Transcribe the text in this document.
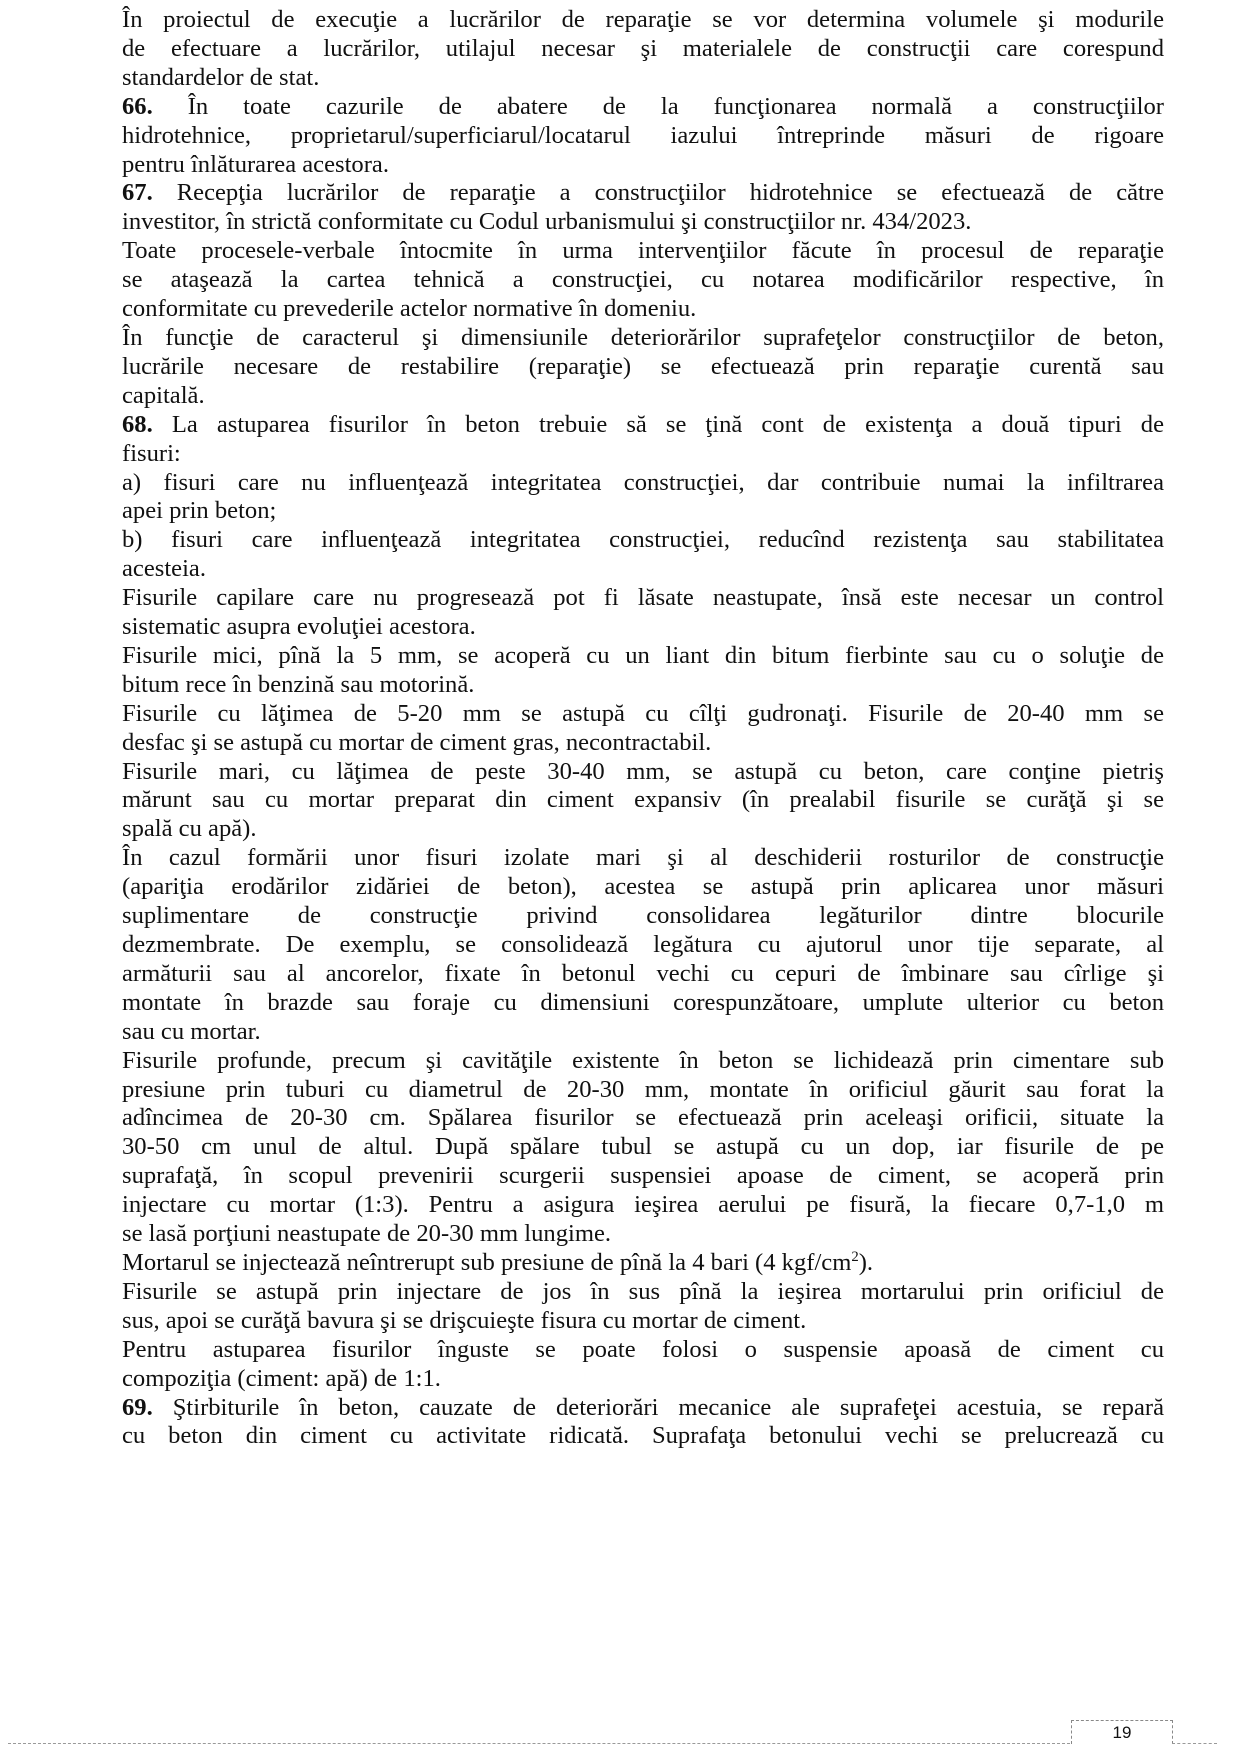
În proiectul de execuţie a lucrărilor de reparaţie se vor determina volumele şi modurile
de efectuare a lucrărilor, utilajul necesar şi materialele de construcţii care corespund
standardelor de stat.

66. În toate cazurile de abatere de la funcţionarea normală a construcţiilor
hidrotehnice, proprietarul/superficiarul/locatarul iazului întreprinde măsuri de rigoare
pentru înlăturarea acestora.

67. Recepţia lucrărilor de reparaţie a construcţiilor hidrotehnice se efectuează de către
investitor, în strictă conformitate cu Codul urbanismului şi construcţiilor nr. 434/2023.

Toate procesele-verbale întocmite în urma intervenţiilor făcute în procesul de reparaţie
se ataşează la cartea tehnică a construcţiei, cu notarea modificărilor respective, în
conformitate cu prevederile actelor normative în domeniu.

În funcţie de caracterul şi dimensiunile deteriorărilor suprafeţelor construcţiilor de beton,
lucrările necesare de restabilire (reparaţie) se efectuează prin reparaţie curentă sau
capitală.

68. La astuparea fisurilor în beton trebuie să se ţină cont de existenţa a două tipuri de
fisuri:

a) fisuri care nu influenţează integritatea construcţiei, dar contribuie numai la infiltrarea
apei prin beton;

b) fisuri care influenţează integritatea construcţiei, reducînd rezistenţa sau stabilitatea
acesteia.

Fisurile capilare care nu progresează pot fi lăsate neastupate, însă este necesar un control
sistematic asupra evoluţiei acestora.

Fisurile mici, pînă la 5 mm, se acoperă cu un liant din bitum fierbinte sau cu o soluţie de
bitum rece în benzină sau motorină.

Fisurile cu lăţimea de 5-20 mm se astupă cu cîlţi gudronaţi. Fisurile de 20-40 mm se
desfac şi se astupă cu mortar de ciment gras, necontractabil.

Fisurile mari, cu lăţimea de peste 30-40 mm, se astupă cu beton, care conţine pietriş
mărunt sau cu mortar preparat din ciment expansiv (în prealabil fisurile se curăţă şi se
spală cu apă).

În cazul formării unor fisuri izolate mari şi al deschiderii rosturilor de construcţie
(apariţia erodărilor zidăriei de beton), acestea se astupă prin aplicarea unor măsuri
suplimentare de construcţie privind consolidarea legăturilor dintre blocurile
dezmembrate. De exemplu, se consolidează legătura cu ajutorul unor tije separate, al
armăturii sau al ancorelor, fixate în betonul vechi cu cepuri de îmbinare sau cîrlige şi
montate în brazde sau foraje cu dimensiuni corespunzătoare, umplute ulterior cu beton
sau cu mortar.

Fisurile profunde, precum şi cavităţile existente în beton se lichidează prin cimentare sub
presiune prin tuburi cu diametrul de 20-30 mm, montate în orificiul găurit sau forat la
adîncimea de 20-30 cm. Spălarea fisurilor se efectuează prin aceleaşi orificii, situate la
30-50 cm unul de altul. După spălare tubul se astupă cu un dop, iar fisurile de pe
suprafaţă, în scopul prevenirii scurgerii suspensiei apoase de ciment, se acoperă prin
injectare cu mortar (1:3). Pentru a asigura ieşirea aerului pe fisură, la fiecare 0,7-1,0 m
se lasă porţiuni neastupate de 20-30 mm lungime.

Mortarul se injectează neîntrerupt sub presiune de pînă la 4 bari (4 kgf/$cm^2$).

Fisurile se astupă prin injectare de jos în sus pînă la ieşirea mortarului prin orificiul de
sus, apoi se curăţă bavura şi se drişcuieşte fisura cu mortar de ciment.

Pentru astuparea fisurilor înguste se poate folosi o suspensie apoasă de ciment cu
compoziţia (ciment: apă) de 1:1.

69. Ştirbiturile în beton, cauzate de deteriorări mecanice ale suprafeţei acestuia, se repară
cu beton din ciment cu activitate ridicată. Suprafaţa betonului vechi se prelucrează cu

19
